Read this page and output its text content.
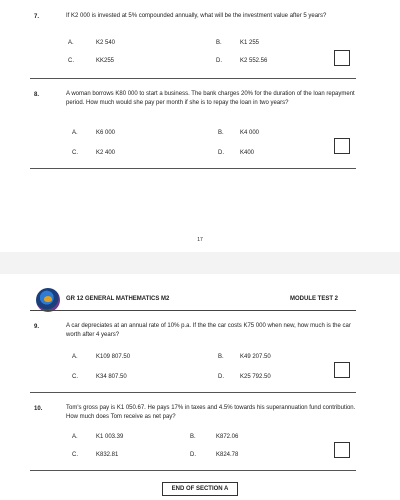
7.	If K2 000 is invested at 5% compounded annually, what will be the investment value after 5 years?
A.	K2 540	B.	K1 255
C.	KK255	D.	K2 552.56
8.	A woman borrows K80 000 to start a business. The bank charges 20% for the duration of the loan repayment period. How much would she pay per month if she is to repay the loan in two years?
A.	K6 000	B.	K4 000
C.	K2 400	D.	K400
17
GR 12 GENERAL MATHEMATICS M2	MODULE TEST 2
9.	A car depreciates at an annual rate of 10% p.a. If the the car costs K75 000 when new, how much is the car worth after 4 years?
A.	K109 807.50	B.	K49 207.50
C.	K34 807.50	D.	K25 792.50
10.	Tom's gross pay is K1 050.67. He pays 17% in taxes and 4.5% towards his superannuation fund contribution. How much does Tom receive as net pay?
A.	K1 003.39	B.	K872.06
C.	K832.81	D.	K824.78
END OF SECTION A
